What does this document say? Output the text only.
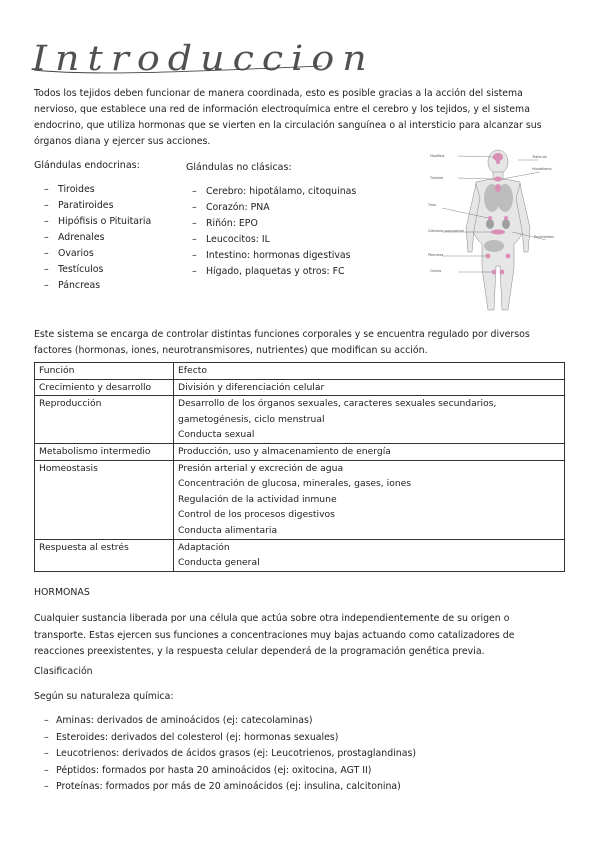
Introduccion
Todos los tejidos deben funcionar de manera coordinada, esto es posible gracias a la acción del sistema nervioso, que establece una red de información electroquímica entre el cerebro y los tejidos, y el sistema endocrino, que utiliza hormonas que se vierten en la circulación sanguínea o al intersticio para alcanzar sus órganos diana y ejercer sus acciones.
Glándulas endocrinas:
– Tiroides
– Paratiroides
– Hipófisis o Pituitaria
– Adrenales
– Ovarios
– Testículos
– Páncreas
Glándulas no clásicas:
– Cerebro: hipotálamo, citoquinas
– Corazón: PNA
– Riñón: EPO
– Leucocitos: IL
– Intestino: hormonas digestivas
– Hígado, plaquetas y otros: FC
Hipófisis
Tiroides
Timo
Glándula suprarrenal
Páncreas
Ovario
Testículo
Hipotálamo
Paratiroides
Este sistema se encarga de controlar distintas funciones corporales y se encuentra regulado por diversos factores (hormonas, iones, neurotransmisores, nutrientes) que modifican su acción.
Función	Efecto
Crecimiento y desarrollo	División y diferenciación celular

Reproducción	Desarrollo de los órganos sexuales, caracteres sexuales secundarios,
gametogénesis, ciclo menstrual
Conducta sexual

Metabolismo intermedio	Producción, uso y almacenamiento de energía

Homeostasis	Presión arterial y excreción de agua
Concentración de glucosa, minerales, gases, iones
Regulación de la actividad inmune
Control de los procesos digestivos
Conducta alimentaria

Respuesta al estrés	Adaptación
Conducta general
HORMONAS
Cualquier sustancia liberada por una célula que actúa sobre otra independientemente de su origen o transporte. Estas ejercen sus funciones a concentraciones muy bajas actuando como catalizadores de reacciones preexistentes, y la respuesta celular dependerá de la programación genética previa.
Clasificación
Según su naturaleza química:
– Aminas: derivados de aminoácidos (ej: catecolaminas)
– Esteroides: derivados del colesterol (ej: hormonas sexuales)
– Leucotrienos: derivados de ácidos grasos (ej: Leucotrienos, prostaglandinas)
– Péptidos: formados por hasta 20 aminoácidos (ej: oxitocina, AGT II)
– Proteínas: formados por más de 20 aminoácidos (ej: insulina, calcitonina)
